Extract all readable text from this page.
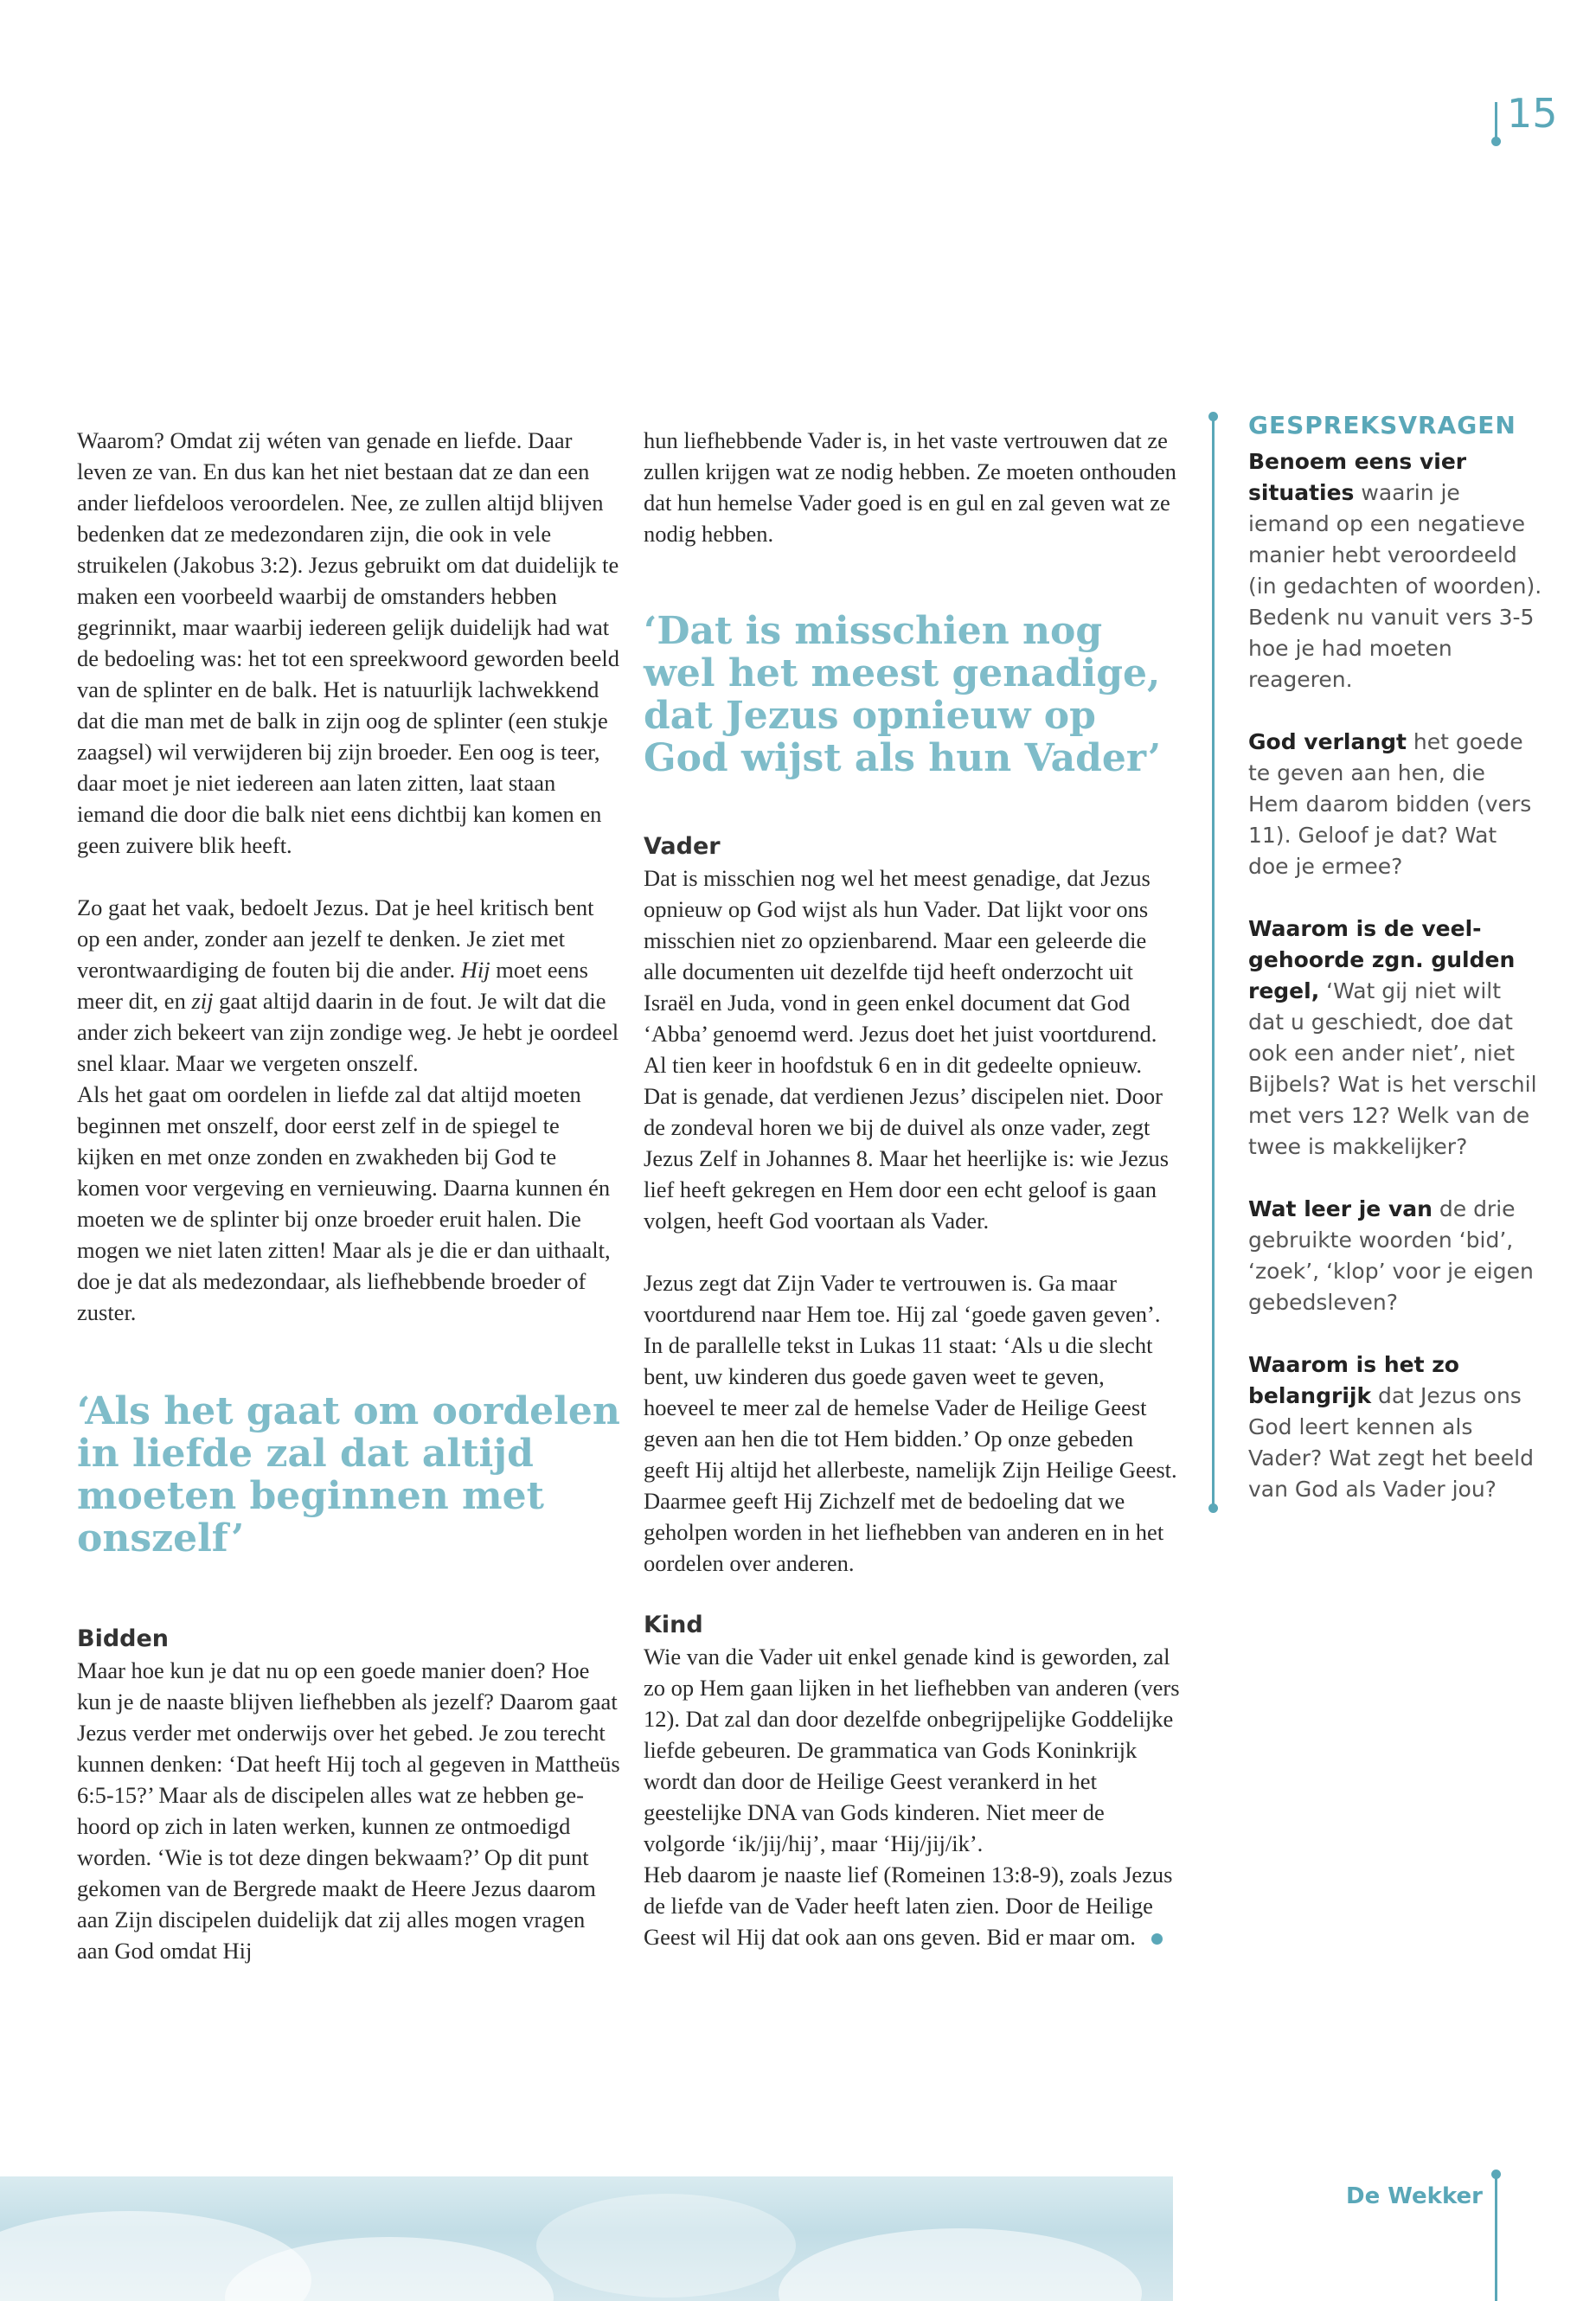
15

Waarom? Omdat zij wéten van genade en liefde. Daar leven ze van. En dus kan het niet bestaan dat ze dan een ander liefdeloos veroordelen. Nee, ze zullen altijd blijven bedenken dat ze medezondaren zijn, die ook in vele struikelen (Jakobus 3:2). Jezus gebruikt om dat duidelijk te maken een voorbeeld waarbij de omstanders hebben gegrinnikt, maar waarbij iedereen gelijk duidelijk had wat de bedoeling was: het tot een spreekwoord geworden beeld van de splinter en de balk. Het is natuurlijk lachwekkend dat die man met de balk in zijn oog de splinter (een stukje zaagsel) wil verwijderen bij zijn broeder. Een oog is teer, daar moet je niet iedereen aan laten zitten, laat staan iemand die door die balk niet eens dichtbij kan komen en geen zuivere blik heeft.

Zo gaat het vaak, bedoelt Jezus. Dat je heel kritisch bent op een ander, zonder aan jezelf te denken. Je ziet met verontwaardiging de fouten bij die ander. Hij moet eens meer dit, en zij gaat altijd daarin in de fout. Je wilt dat die ander zich bekeert van zijn zondige weg. Je hebt je oordeel snel klaar. Maar we vergeten onszelf.

Als het gaat om oordelen in liefde zal dat altijd moeten beginnen met onszelf, door eerst zelf in de spiegel te kijken en met onze zonden en zwakheden bij God te komen voor vergeving en vernieuwing. Daarna kunnen én moeten we de splinter bij onze broeder eruit halen. Die mogen we niet laten zitten! Maar als je die er dan uithaalt, doe je dat als medezondaar, als liefhebbende broeder of zuster.

‘Als het gaat om oordelen in liefde zal dat altijd moeten beginnen met onszelf’

Bidden

Maar hoe kun je dat nu op een goede manier doen? Hoe kun je de naaste blijven liefhebben als jezelf? Daarom gaat Jezus verder met onderwijs over het gebed. Je zou terecht kunnen denken: ‘Dat heeft Hij toch al gegeven in Mattheüs 6:5-15?’ Maar als de discipelen alles wat ze hebben gehoord op zich in laten werken, kunnen ze ontmoedigd worden. ‘Wie is tot deze dingen bekwaam?’ Op dit punt gekomen van de Bergrede maakt de Heere Jezus daarom aan Zijn discipelen duidelijk dat zij alles mogen vragen aan God omdat Hij

hun liefhebbende Vader is, in het vaste vertrouwen dat ze zullen krijgen wat ze nodig hebben. Ze moeten onthouden dat hun hemelse Vader goed is en gul en zal geven wat ze nodig hebben.

‘Dat is misschien nog wel het meest genadige, dat Jezus opnieuw op God wijst als hun Vader’

Vader

Dat is misschien nog wel het meest genadige, dat Jezus opnieuw op God wijst als hun Vader. Dat lijkt voor ons misschien niet zo opzienbarend. Maar een geleerde die alle documenten uit dezelfde tijd heeft onderzocht uit Israël en Juda, vond in geen enkel document dat God ‘Abba’ genoemd werd. Jezus doet het juist voortdurend. Al tien keer in hoofdstuk 6 en in dit gedeelte opnieuw. Dat is genade, dat verdienen Jezus’ discipelen niet. Door de zondeval horen we bij de duivel als onze vader, zegt Jezus Zelf in Johannes 8. Maar het heerlijke is: wie Jezus lief heeft gekregen en Hem door een echt geloof is gaan volgen, heeft God voortaan als Vader.

Jezus zegt dat Zijn Vader te vertrouwen is. Ga maar voortdurend naar Hem toe. Hij zal ‘goede gaven geven’. In de parallelle tekst in Lukas 11 staat: ‘Als u die slecht bent, uw kinderen dus goede gaven weet te geven, hoeveel te meer zal de hemelse Vader de Heilige Geest geven aan hen die tot Hem bidden.’ Op onze gebeden geeft Hij altijd het allerbeste, namelijk Zijn Heilige Geest. Daarmee geeft Hij Zichzelf met de bedoeling dat we geholpen worden in het liefhebben van anderen en in het oordelen over anderen.

Kind

Wie van die Vader uit enkel genade kind is geworden, zal zo op Hem gaan lijken in het liefhebben van anderen (vers 12). Dat zal dan door dezelfde onbegrijpelijke Goddelijke liefde gebeuren. De grammatica van Gods Koninkrijk wordt dan door de Heilige Geest verankerd in het geestelijke DNA van Gods kinderen. Niet meer de volgorde ‘ik/jij/hij’, maar ‘Hij/jij/ik’.

Heb daarom je naaste lief (Romeinen 13:8-9), zoals Jezus de liefde van de Vader heeft laten zien. Door de Heilige Geest wil Hij dat ook aan ons geven. Bid er maar om.

GESPREKSVRAGEN

Benoem eens vier situaties waarin je iemand op een negatieve manier hebt veroordeeld (in gedachten of woorden). Bedenk nu vanuit vers 3-5 hoe je had moeten reageren.

God verlangt het goede te geven aan hen, die Hem daarom bidden (vers 11). Geloof je dat? Wat doe je ermee?

Waarom is de veelgehoorde zgn. gulden regel, ‘Wat gij niet wilt dat u geschiedt, doe dat ook een ander niet’, niet Bijbels? Wat is het verschil met vers 12? Welk van de twee is makkelijker?

Wat leer je van de drie gebruikte woorden ‘bid’, ‘zoek’, ‘klop’ voor je eigen gebedsleven?

Waarom is het zo belangrijk dat Jezus ons God leert kennen als Vader? Wat zegt het beeld van God als Vader jou?

De Wekker
